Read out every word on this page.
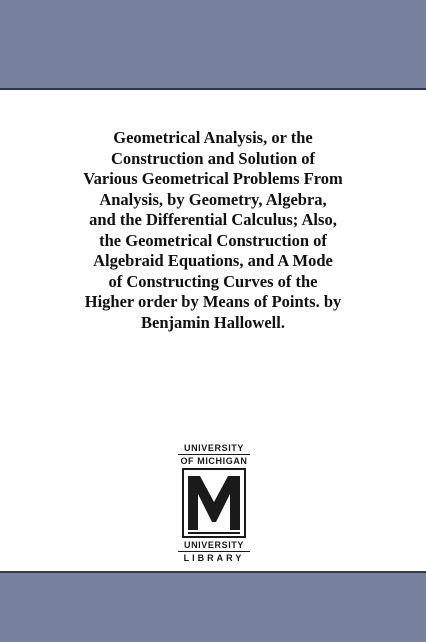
Geometrical Analysis, or the
Construction and Solution of
Various Geometrical Problems From
Analysis, by Geometry, Algebra,
and the Differential Calculus; Also,
the Geometrical Construction of
Algebraid Equations, and A Mode
of Constructing Curves of the
Higher order by Means of Points. by
Benjamin Hallowell.
UNIVERSITY
OF MICHIGAN
UNIVERSITY
LIBRARY
